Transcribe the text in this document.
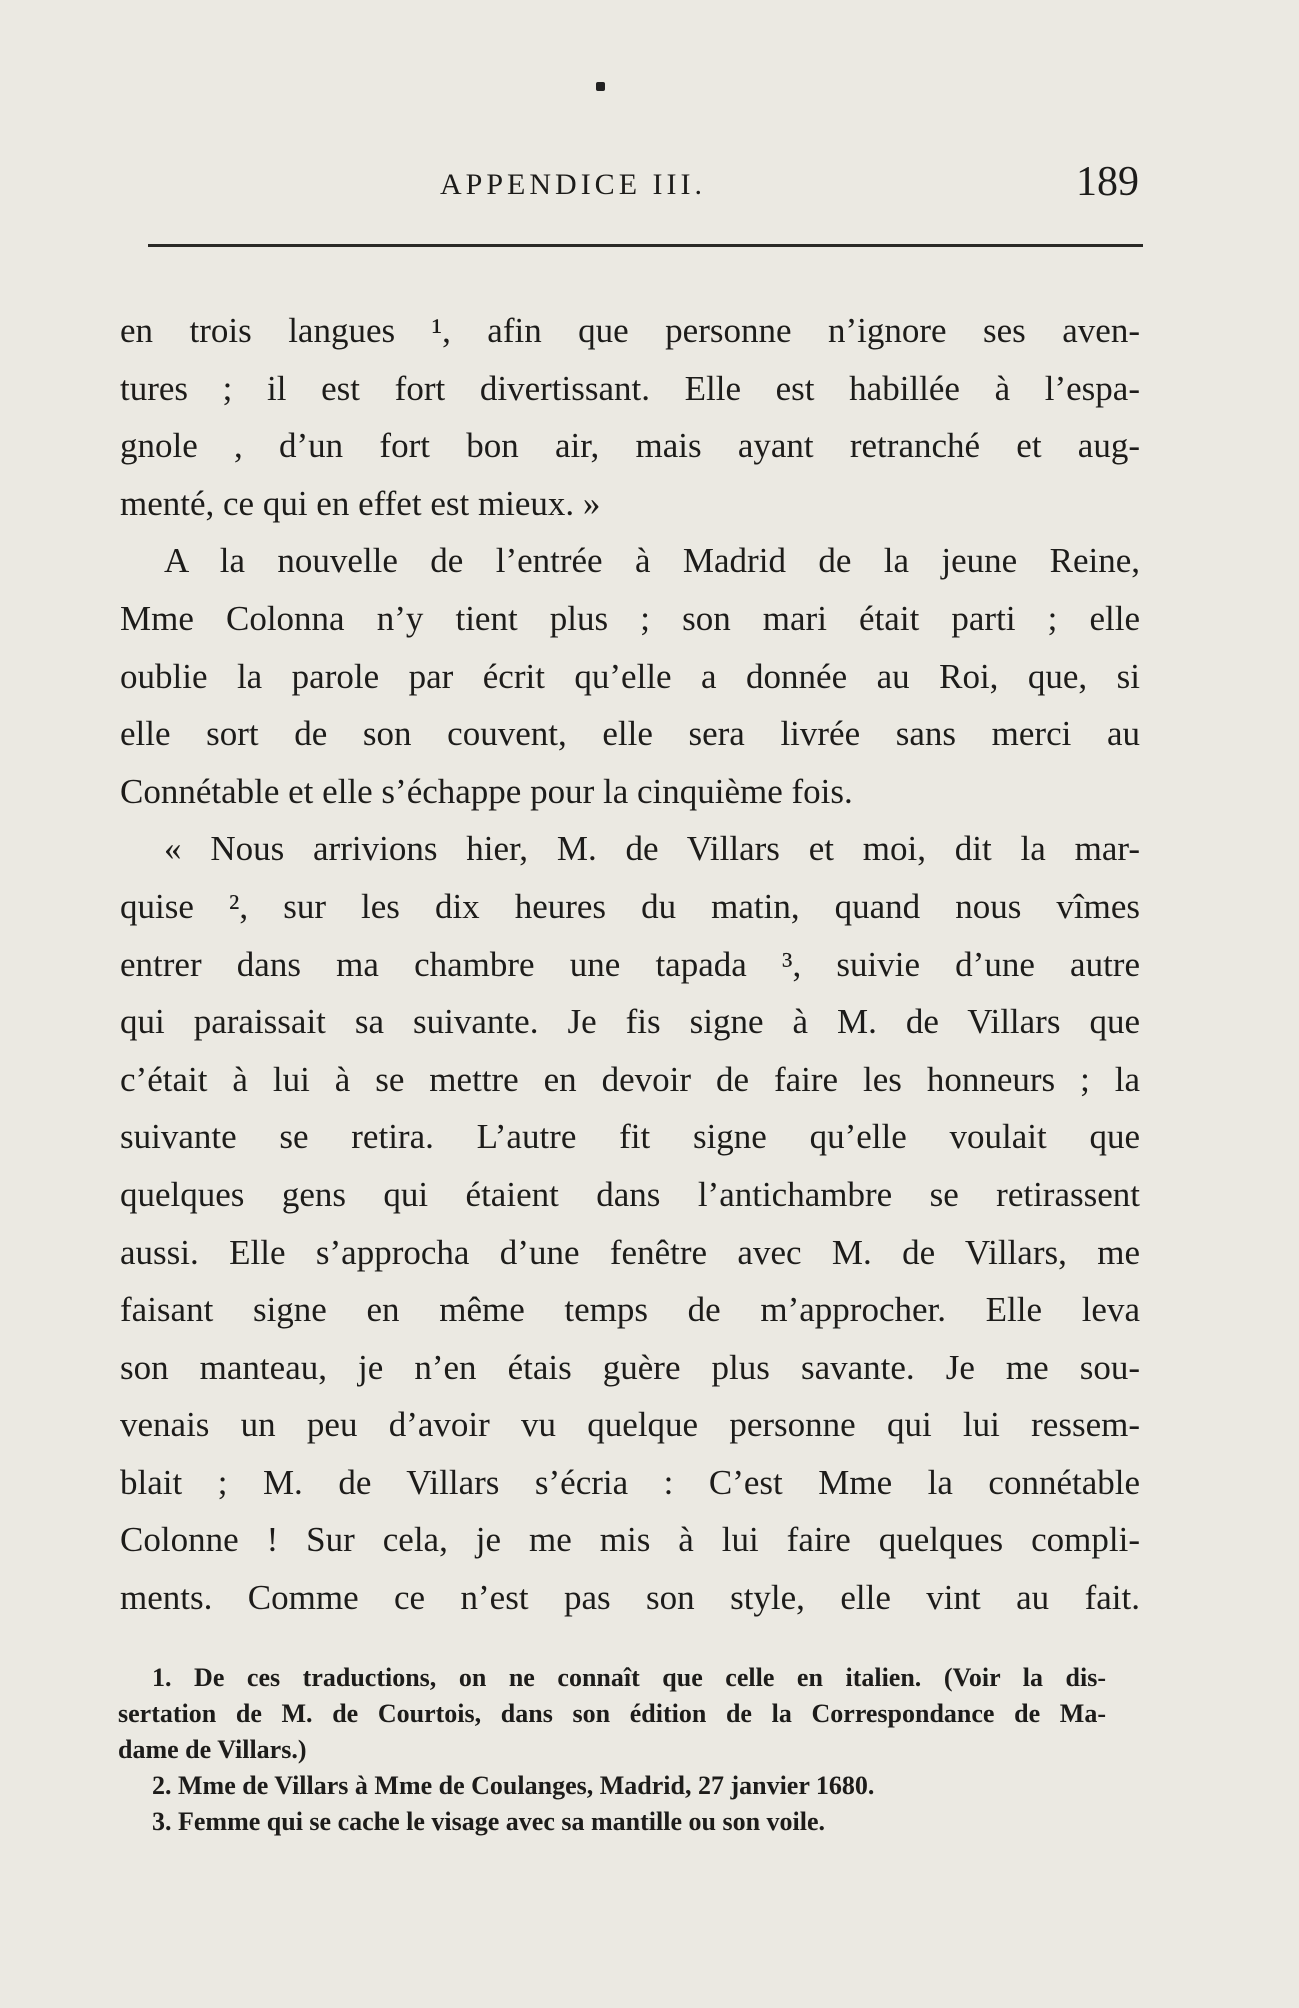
APPENDICE III.	189
en trois langues ¹, afin que personne n’ignore ses aven-
tures ; il est fort divertissant. Elle est habillée à l’espa-
gnole , d’un fort bon air, mais ayant retranché et aug-
menté, ce qui en effet est mieux. »
A la nouvelle de l’entrée à Madrid de la jeune Reine,
Mme Colonna n’y tient plus ; son mari était parti ; elle
oublie la parole par écrit qu’elle a donnée au Roi, que, si
elle sort de son couvent, elle sera livrée sans merci au
Connétable et elle s’échappe pour la cinquième fois.
« Nous arrivions hier, M. de Villars et moi, dit la mar-
quise ², sur les dix heures du matin, quand nous vîmes
entrer dans ma chambre une tapada ³, suivie d’une autre
qui paraissait sa suivante. Je fis signe à M. de Villars que
c’était à lui à se mettre en devoir de faire les honneurs ; la
suivante se retira. L’autre fit signe qu’elle voulait que
quelques gens qui étaient dans l’antichambre se retirassent
aussi. Elle s’approcha d’une fenêtre avec M. de Villars, me
faisant signe en même temps de m’approcher. Elle leva
son manteau, je n’en étais guère plus savante. Je me sou-
venais un peu d’avoir vu quelque personne qui lui ressem-
blait ; M. de Villars s’écria : C’est Mme la connétable
Colonne ! Sur cela, je me mis à lui faire quelques compli-
ments. Comme ce n’est pas son style, elle vint au fait.
1. De ces traductions, on ne connaît que celle en italien. (Voir la dis-
sertation de M. de Courtois, dans son édition de la Correspondance de Ma-
dame de Villars.)
2. Mme de Villars à Mme de Coulanges, Madrid, 27 janvier 1680.
3. Femme qui se cache le visage avec sa mantille ou son voile.
